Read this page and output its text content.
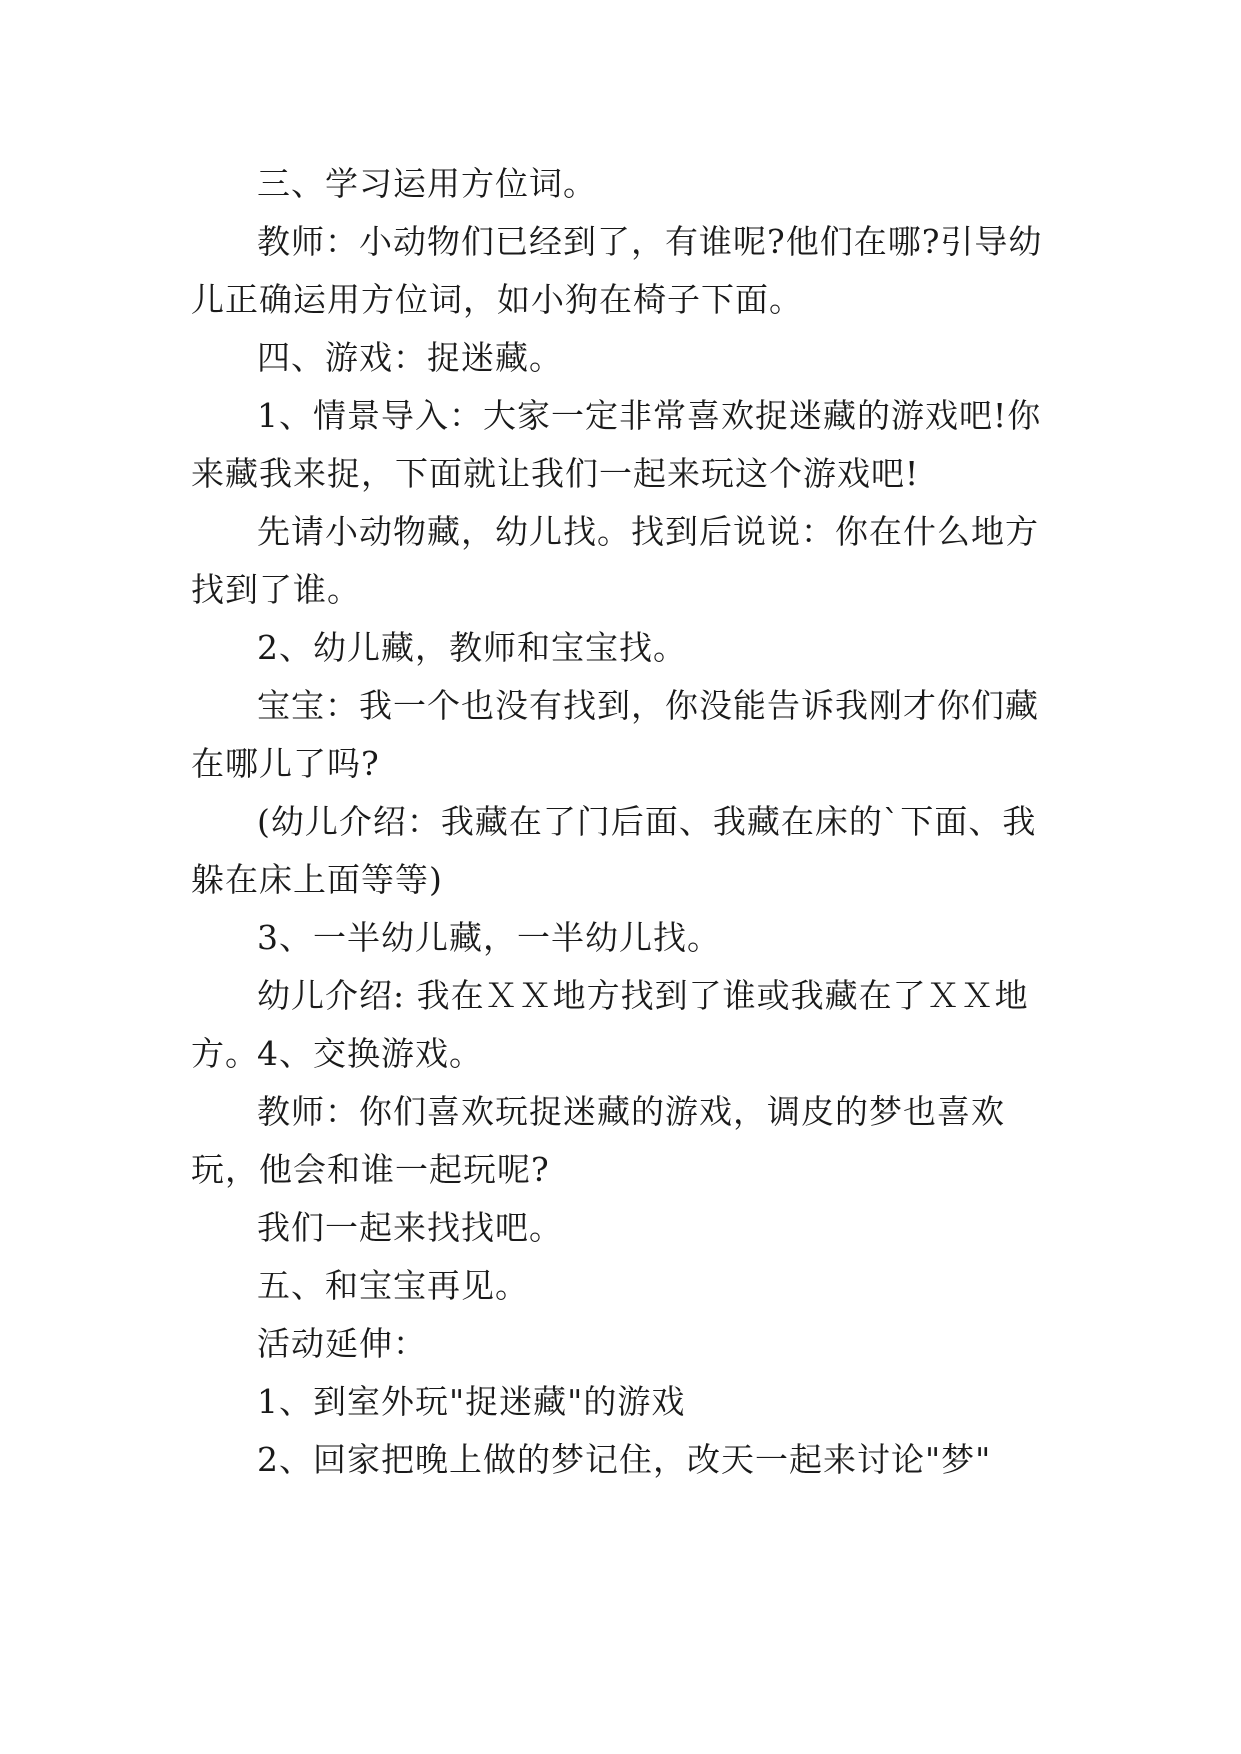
三、学习运用方位词。

教师：小动物们已经到了，有谁呢?他们在哪?引导幼儿正确运用方位词，如小狗在椅子下面。

四、游戏：捉迷藏。

1、情景导入：大家一定非常喜欢捉迷藏的游戏吧!你来藏我来捉，下面就让我们一起来玩这个游戏吧!

先请小动物藏，幼儿找。找到后说说：你在什么地方找到了谁。

2、幼儿藏，教师和宝宝找。

宝宝：我一个也没有找到，你没能告诉我刚才你们藏在哪儿了吗?

(幼儿介绍：我藏在了门后面、我藏在床的`下面、我躲在床上面等等)

3、一半幼儿藏，一半幼儿找。

幼儿介绍: 我在ＸＸ地方找到了谁或我藏在了ＸＸ地方。

4、交换游戏。

教师：你们喜欢玩捉迷藏的游戏，调皮的梦也喜欢玩，他会和谁一起玩呢?

我们一起来找找吧。

五、和宝宝再见。

活动延伸：

1、到室外玩"捉迷藏"的游戏

2、回家把晚上做的梦记住，改天一起来讨论"梦"
